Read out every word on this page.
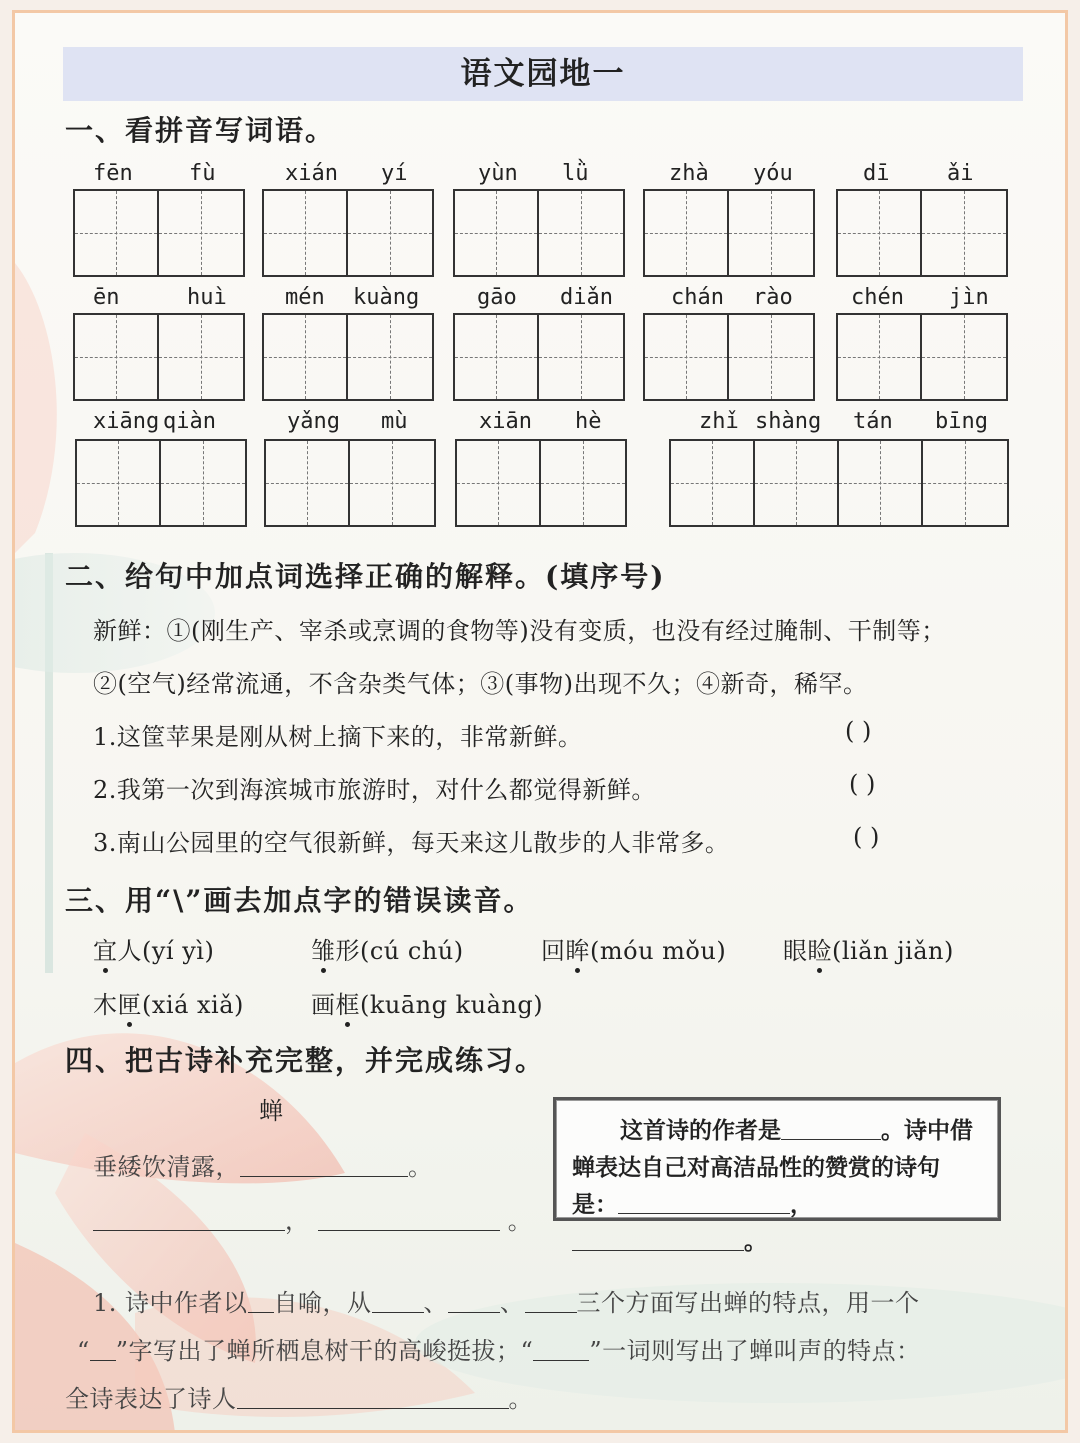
语文园地一
一、看拼音写词语。
fēn	fù	xián yí	yùn lǜ	zhà yóu	dī	ǎi
ēn	huì	mén kuàng	gāo diǎn	chán rào	chén jìn
xiāng qiàn	yǎng mù	xiān hè	zhǐ shàng tán bīng
二、给句中加点词选择正确的解释。(填序号)
新鲜：①(刚生产、宰杀或烹调的食物等)没有变质，也没有经过腌制、干制等；
②(空气)经常流通，不含杂类气体；③(事物)出现不久；④新奇，稀罕。
1.这筐苹果是刚从树上摘下来的，非常新鲜。	( )
2.我第一次到海滨城市旅游时，对什么都觉得新鲜。	( )
3.南山公园里的空气很新鲜，每天来这儿散步的人非常多。	( )
三、用“\”画去加点字的错误读音。
宜人(yí yì)	雏形(cú chú)	回眸(móu mǒu) 眼睑(liǎn jiǎn)
木匣(xiá xiǎ)	画框(kuāng kuàng)
四、把古诗补充完整，并完成练习。
蝉
垂緌饮清露，	。
，	。
这首诗的作者是	。诗中借
蝉表达自己对高洁品性的赞赏的诗句
是：	，。
1. 诗中作者以 自喻，从 、 、 三个方面写出蝉的特点，用一个
“ ”字写出了蝉所栖息树干的高峻挺拔；“ ”一词则写出了蝉叫声的特点：
全诗表达了诗人	。
